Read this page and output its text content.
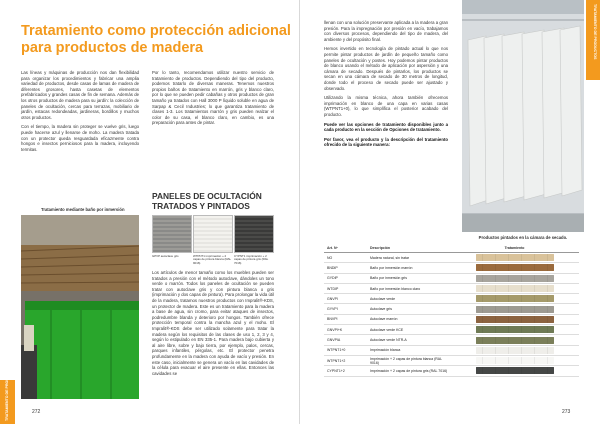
Tratamiento como protección adicional para productos de madera

Las líneas y máquinas de producción nos dan flexibilidad para organizar los procedimientos y fabricar una amplia variedad de productos, desde casas de lamas de madera de diferentes grosores, hasta casetas de elementos prefabricados y grandes casas de fin de semana. Además de los otros productos de madera para su jardín: la colección de paneles de ocultación, cercas para terrazas, mobiliario de jardín, estacas redondeadas, jardineras, bordillos y muchos otros productos.

Con el tiempo, la madera sin proteger se vuelve gris, luego puede hacerse azul y llenarse de moho. La madera tratada con un protector queda resguardada eficazmente contra hongos e insectos perniciosos para la madera, incluyendo termitas.

Tratamiento mediante baño por inmersión

Por lo tanto, recomendamos utilizar nuestro servicio de tratamiento de productos. Dependiendo del tipo del producto, podemos tratarlo de diversas maneras. Tenemos nuestros propios baños de tratamiento en marrón, gris y blanco claro, por lo que se pueden pedir cabañas y otros productos de gran tamaño ya tratados con Hall 3000 P líquido soluble en agua de Sarpap & Cecil Industries; lo que garantiza tratamiento de clases 1-3. Los tratamientos marrón y gris pueden realzar el color de su casa, el blanco claro, en cambio, es una preparación para antes de pintar.

PANELES DE OCULTACIÓN TRATADOS Y PINTADOS
GPVP autoclave gris	WTPNT1 imprimación + 2 capas de pintura blanca (RAL 9016)
CYPNT1 imprimación + 2 capas de pintura gris (RAL 7016)

Los artículos de menor tamaño como los muebles pueden ser tratados a presión con el método autoclave, dándoles un tono verde o marrón. Todos los paneles de ocultación se pueden tratar con autoclave gris y con pintura blanca o gris (imprimación y dos capas de pintura). Para prolongar la vida útil de la madera, tratamos nuestros productos con Impralit®-KDS, un protector de madera. Este es un tratamiento para la madera a base de agua, sin cromo, para evitar ataques de insectos, podredumbre blanda y deterioro por hongos. También ofrece protección temporal contra la mancha azul y el moho. El Impralit®-KDS debe ser utilizado solamente para tratar la madera según los requisitos de las clases de uso 1, 2, 3 y 4, según lo estipulado en EN 335-1. Para madera bajo cubierta y al aire libre, sobre y bajo tierra, por ejemplo, palos, cercas, parques infantiles, pérgolas, etc. El protector penetra profundamente en la madera con ayuda de vacío y presión. En este caso, inicialmente se genera un vacío en las cavidades de la célula para evacuar el aire presente en ellas. Entonces las cavidades se

TRATAMIENTO DE PRODUCTOS	272

llenan con una solución preservante aplicada a la madera a gran presión. Para la impregnación por presión en vacío, trabajamos con diversos procesos, dependiendo del tipo de madera, del ambiente y del propósito final.

Hemos invertido en tecnología de pintado actual lo que nos permite pintar productos de jardín de pequeño tamaño como paneles de ocultación y postes. Hoy podemos pintar productos de blanco usando el método de aplicación por aspersión y una cámara de secado. Después de pintarlos, los productos se secan en una cámara de secado de 30 metros de longitud, donde todo el proceso de secado puede ser ajustado y observado.

Utilizando la misma técnica, ahora también ofrecemos imprimación en blanco de una capa en varias casas (WTPNT1+0), lo que simplifica el posterior acabado del producto.

Puede ver las opciones de tratamiento disponibles junto a cada producto en la sección de Opciones de tratamiento.

Por favor, vea el producto y la descripción del tratamiento ofrecido de la siguiente manera:

Productos pintados en la cámara de secado.
Art. Nº	Descripción	Tratamiento
NO	Madera natural, sin tratar
BNDIP	Baño por inmersión marrón
GYDIP	Baño por inmersión gris
WTDIP	Baño por inmersión blanco claro
GNVPI	Autoclave verde
GYVPI	Autoclave gris
BNVPI	Autoclave marrón
GNVPI+K	Autoclave verde KCE
GNVPIA	Autoclave verde NTR-A
WTPNT1+0	Imprimación blanca
WTPNT1+2	Imprimación + 2 capas de pintura blanca (RAL 9016)
CYPNT1+2	Imprimación + 2 capas de pintura gris (RAL 7016)
TRATAMIENTO DE PRODUCTOS
273
